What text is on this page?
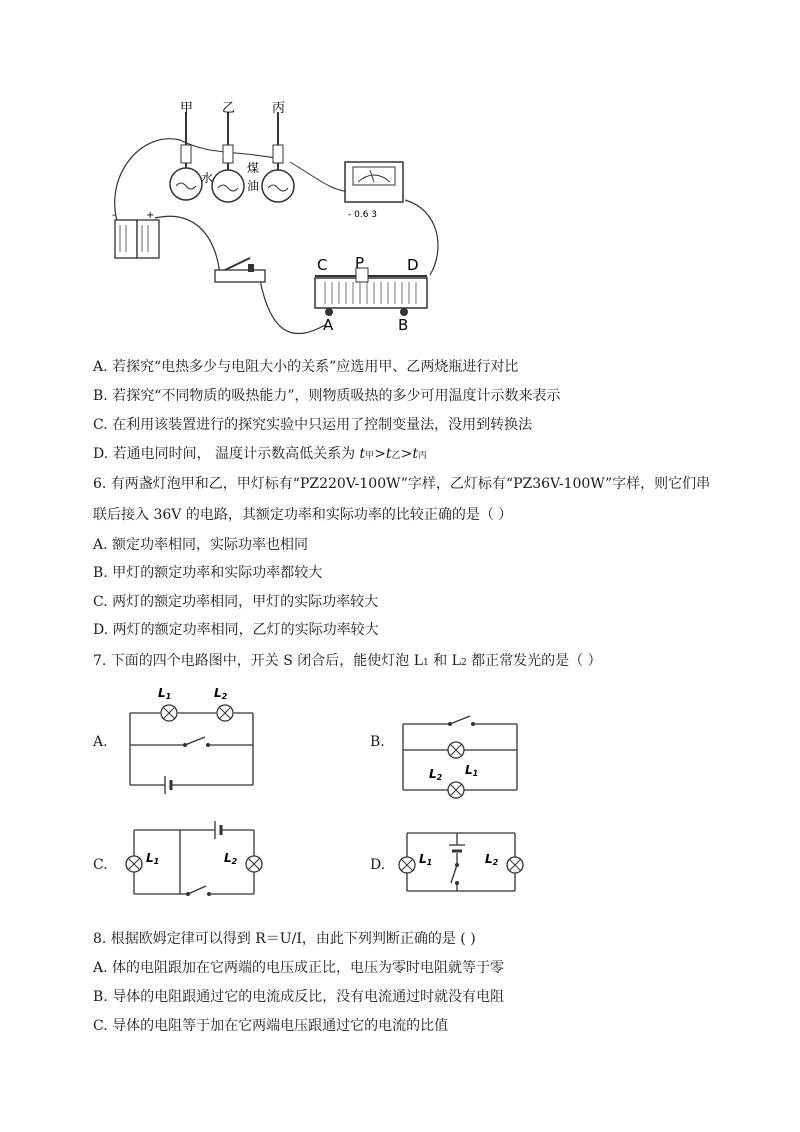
甲 乙	丙
水
煤
油
- 0.6 3
-	+
C P	D
A	B
A. 若探究“电热多少与电阻大小的关系”应选用甲、乙两烧瓶进行对比
B. 若探究“不同物质的吸热能力”，则物质吸热的多少可用温度计示数来表示
C. 在利用该装置进行的探究实验中只运用了控制变量法，没用到转换法
D. 若通电同时间， 温度计示数高低关系为 t甲>t乙>t丙
6. 有两盏灯泡甲和乙，甲灯标有“PZ220V-100W”字样，乙灯标有“PZ36V-100W”字样，则它们串
联后接入 36V 的电路，其额定功率和实际功率的比较正确的是（ ）
A. 额定功率相同，实际功率也相同
B. 甲灯的额定功率和实际功率都较大
C. 两灯的额定功率相同，甲灯的实际功率较大
D. 两灯的额定功率相同，乙灯的实际功率较大
7. 下面的四个电路图中，开关 S 闭合后，能使灯泡 L1 和 L2 都正常发光的是（ ）
A.	B.
C.	D.
L1	L2
L2
L1
L1	L2	L1	L2
8. 根据欧姆定律可以得到 R＝U/I，由此下列判断正确的是 ( )
A. 体的电阻跟加在它两端的电压成正比，电压为零时电阻就等于零
B. 导体的电阻跟通过它的电流成反比，没有电流通过时就没有电阻
C. 导体的电阻等于加在它两端电压跟通过它的电流的比值
